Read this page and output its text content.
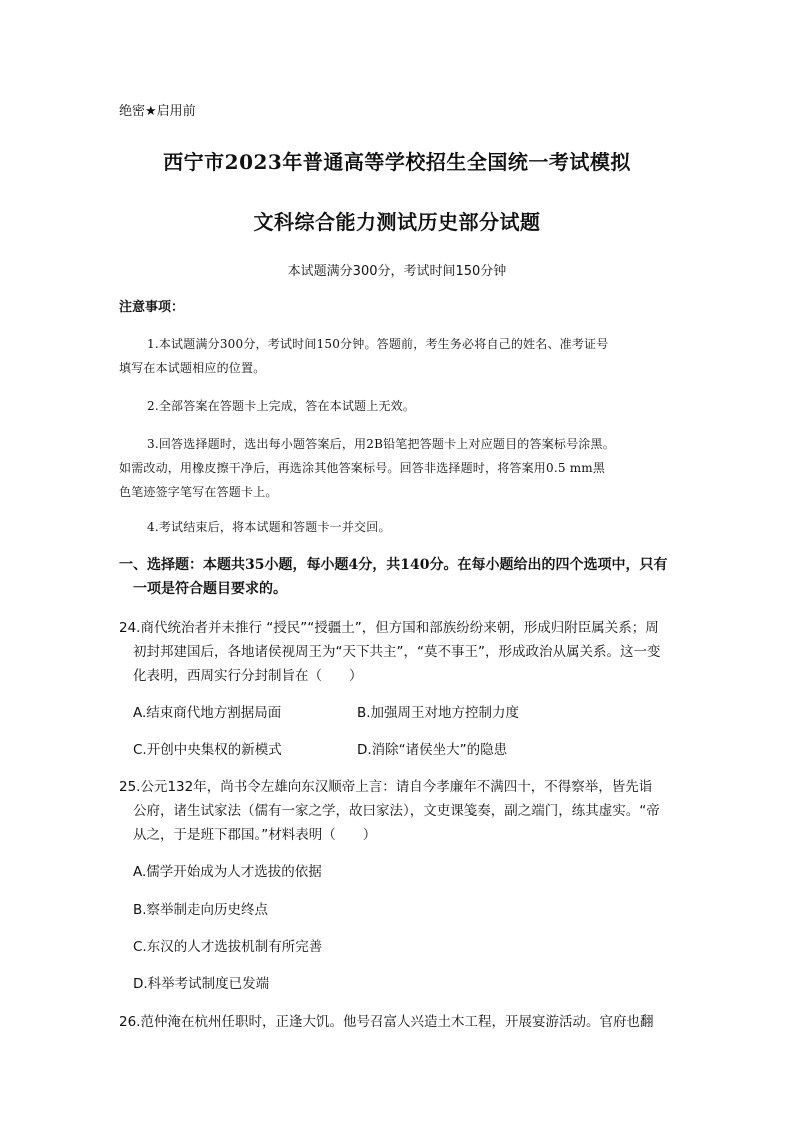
绝密★启用前
西宁市2023年普通高等学校招生全国统一考试模拟
文科综合能力测试历史部分试题
本试题满分300分，考试时间150分钟
注意事项：
1.本试题满分300分，考试时间150分钟。答题前，考生务必将自己的姓名、准考证号
填写在本试题相应的位置。
2.全部答案在答题卡上完成，答在本试题上无效。
3.回答选择题时，选出每小题答案后，用2B铅笔把答题卡上对应题目的答案标号涂黑。
如需改动，用橡皮擦干净后，再选涂其他答案标号。回答非选择题时，将答案用0.5 mm黑
色笔迹签字笔写在答题卡上。
4.考试结束后，将本试题和答题卡一并交回。
一、选择题：本题共35小题，每小题4分，共140分。在每小题给出的四个选项中，只有
一项是符合题目要求的。
24.商代统治者并未推行 “授民”“授疆土”，但方国和部族纷纷来朝，形成归附臣属关系；周
初封邦建国后，各地诸侯视周王为“天下共主”，“莫不事王”，形成政治从属关系。这一变
化表明，西周实行分封制旨在（　　）
A.结束商代地方割据局面	B.加强周王对地方控制力度
C.开创中央集权的新模式	D.消除“诸侯坐大”的隐患
25.公元132年，尚书令左雄向东汉顺帝上言：请自今孝廉年不满四十，不得察举，皆先诣
公府，诸生试家法（儒有一家之学，故曰家法），文吏课笺奏，副之端门，练其虚实。“帝
从之，于是班下郡国。”材料表明（　　）
A.儒学开始成为人才选拔的依据
B.察举制走向历史终点
C.东汉的人才选拔机制有所完善
D.科举考试制度已发端
26.范仲淹在杭州任职时，正逢大饥。他号召富人兴造土木工程，开展宴游活动。官府也翻
